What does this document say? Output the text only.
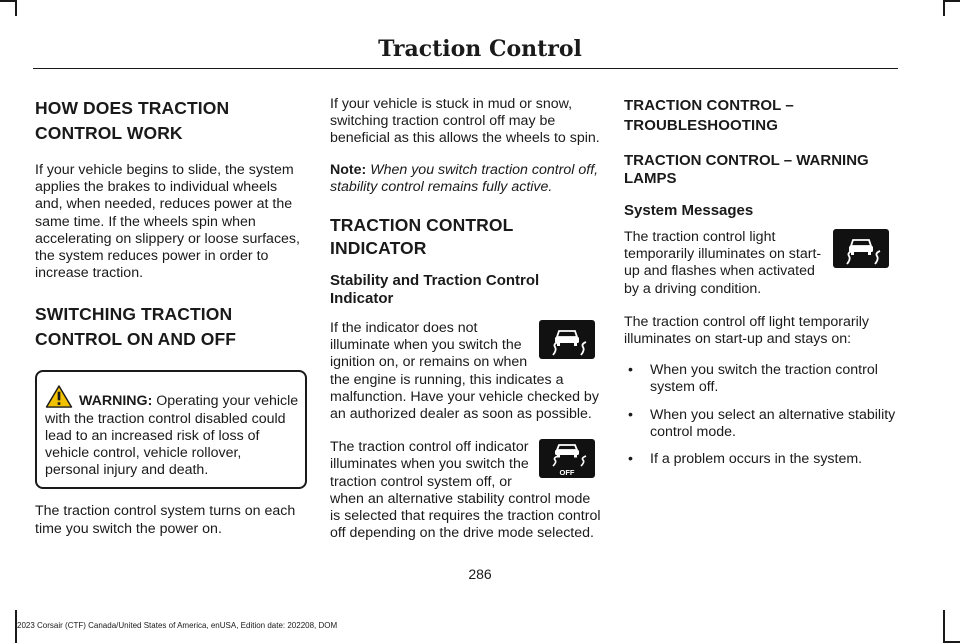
Traction Control
HOW DOES TRACTION CONTROL WORK

If your vehicle begins to slide, the system applies the brakes to individual wheels and, when needed, reduces power at the same time. If the wheels spin when accelerating on slippery or loose surfaces, the system reduces power in order to increase traction.

SWITCHING TRACTION CONTROL ON AND OFF
WARNING: Operating your vehicle with the traction control disabled could lead to an increased risk of loss of vehicle control, vehicle rollover, personal injury and death.

The traction control system turns on each time you switch the power on.

If your vehicle is stuck in mud or snow, switching traction control off may be beneficial as this allows the wheels to spin.

Note: When you switch traction control off, stability control remains fully active.

TRACTION CONTROL INDICATOR
Stability and Traction Control Indicator

If the indicator does not illuminate when you switch the ignition on, or remains on when the engine is running, this indicates a malfunction. Have your vehicle checked by an authorized dealer as soon as possible.

OFF
The traction control off indicator illuminates when you switch the traction control system off, or when an alternative stability control mode is selected that requires the traction control off depending on the drive mode selected.

TRACTION CONTROL – TROUBLESHOOTING
TRACTION CONTROL – WARNING LAMPS
System Messages

The traction control light temporarily illuminates on start-up and flashes when activated by a driving condition.

The traction control off light temporarily illuminates on start-up and stays on:

• When you switch the traction control system off.
• When you select an alternative stability control mode.
• If a problem occurs in the system.
286
2023 Corsair (CTF) Canada/United States of America, enUSA, Edition date: 202208, DOM
